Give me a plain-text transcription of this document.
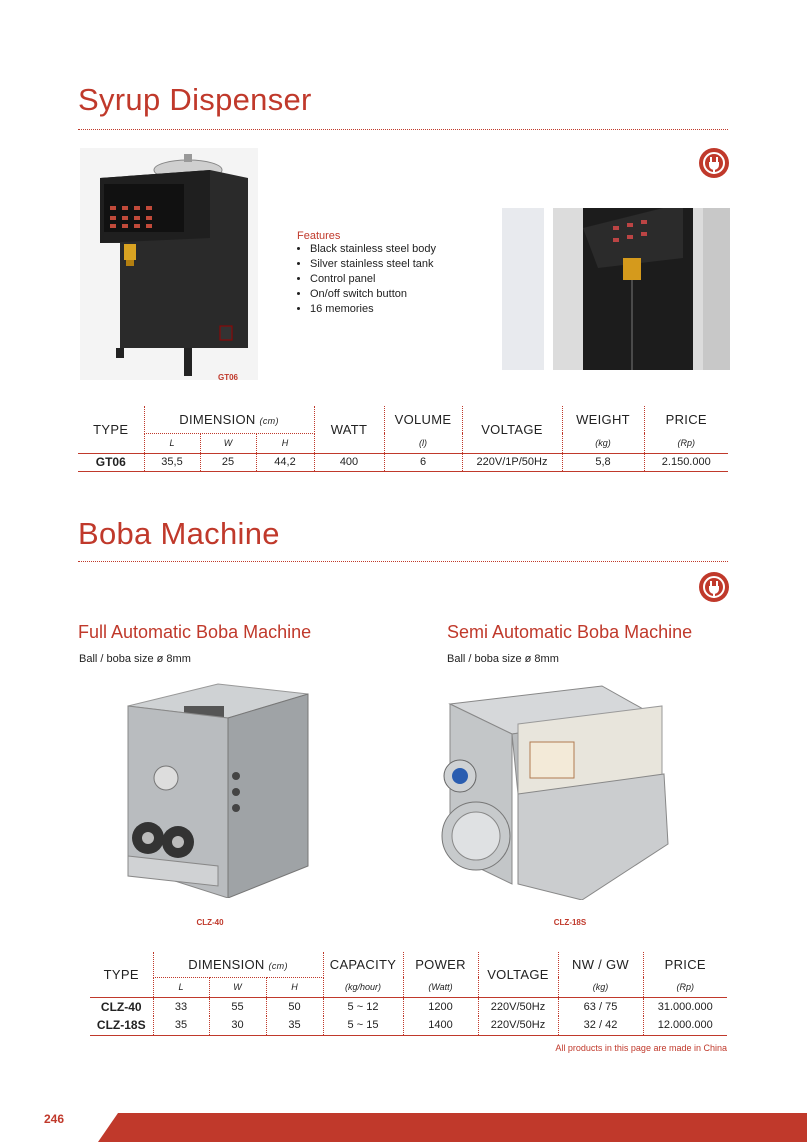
Syrup Dispenser
GT06
Features
• Black stainless steel body
• Silver stainless steel tank
• Control panel
• On/off switch button
• 16 memories
TYPE	DIMENSION (cm)			WATT	VOLUME	VOLTAGE	WEIGHT	PRICE
	L	W	H		(l)		(kg)	(Rp)
GT06	35,5	25	44,2	400	6	220V/1P/50Hz	5,8	2.150.000
Boba Machine
Full Automatic Boba Machine
Ball / boba size ø 8mm
Semi Automatic Boba Machine
Ball / boba size ø 8mm
CLZ-40	CLZ-18S
TYPE	DIMENSION (cm)			CAPACITY	POWER	VOLTAGE	NW / GW	PRICE
	L	W	H	(kg/hour)	(Watt)		(kg)	(Rp)
CLZ-40	33	55	50	5 ~ 12	1200	220V/50Hz	63 / 75	31.000.000
CLZ-18S	35	30	35	5 ~ 15	1400	220V/50Hz	32 / 42	12.000.000
All products in this page are made in China
246
